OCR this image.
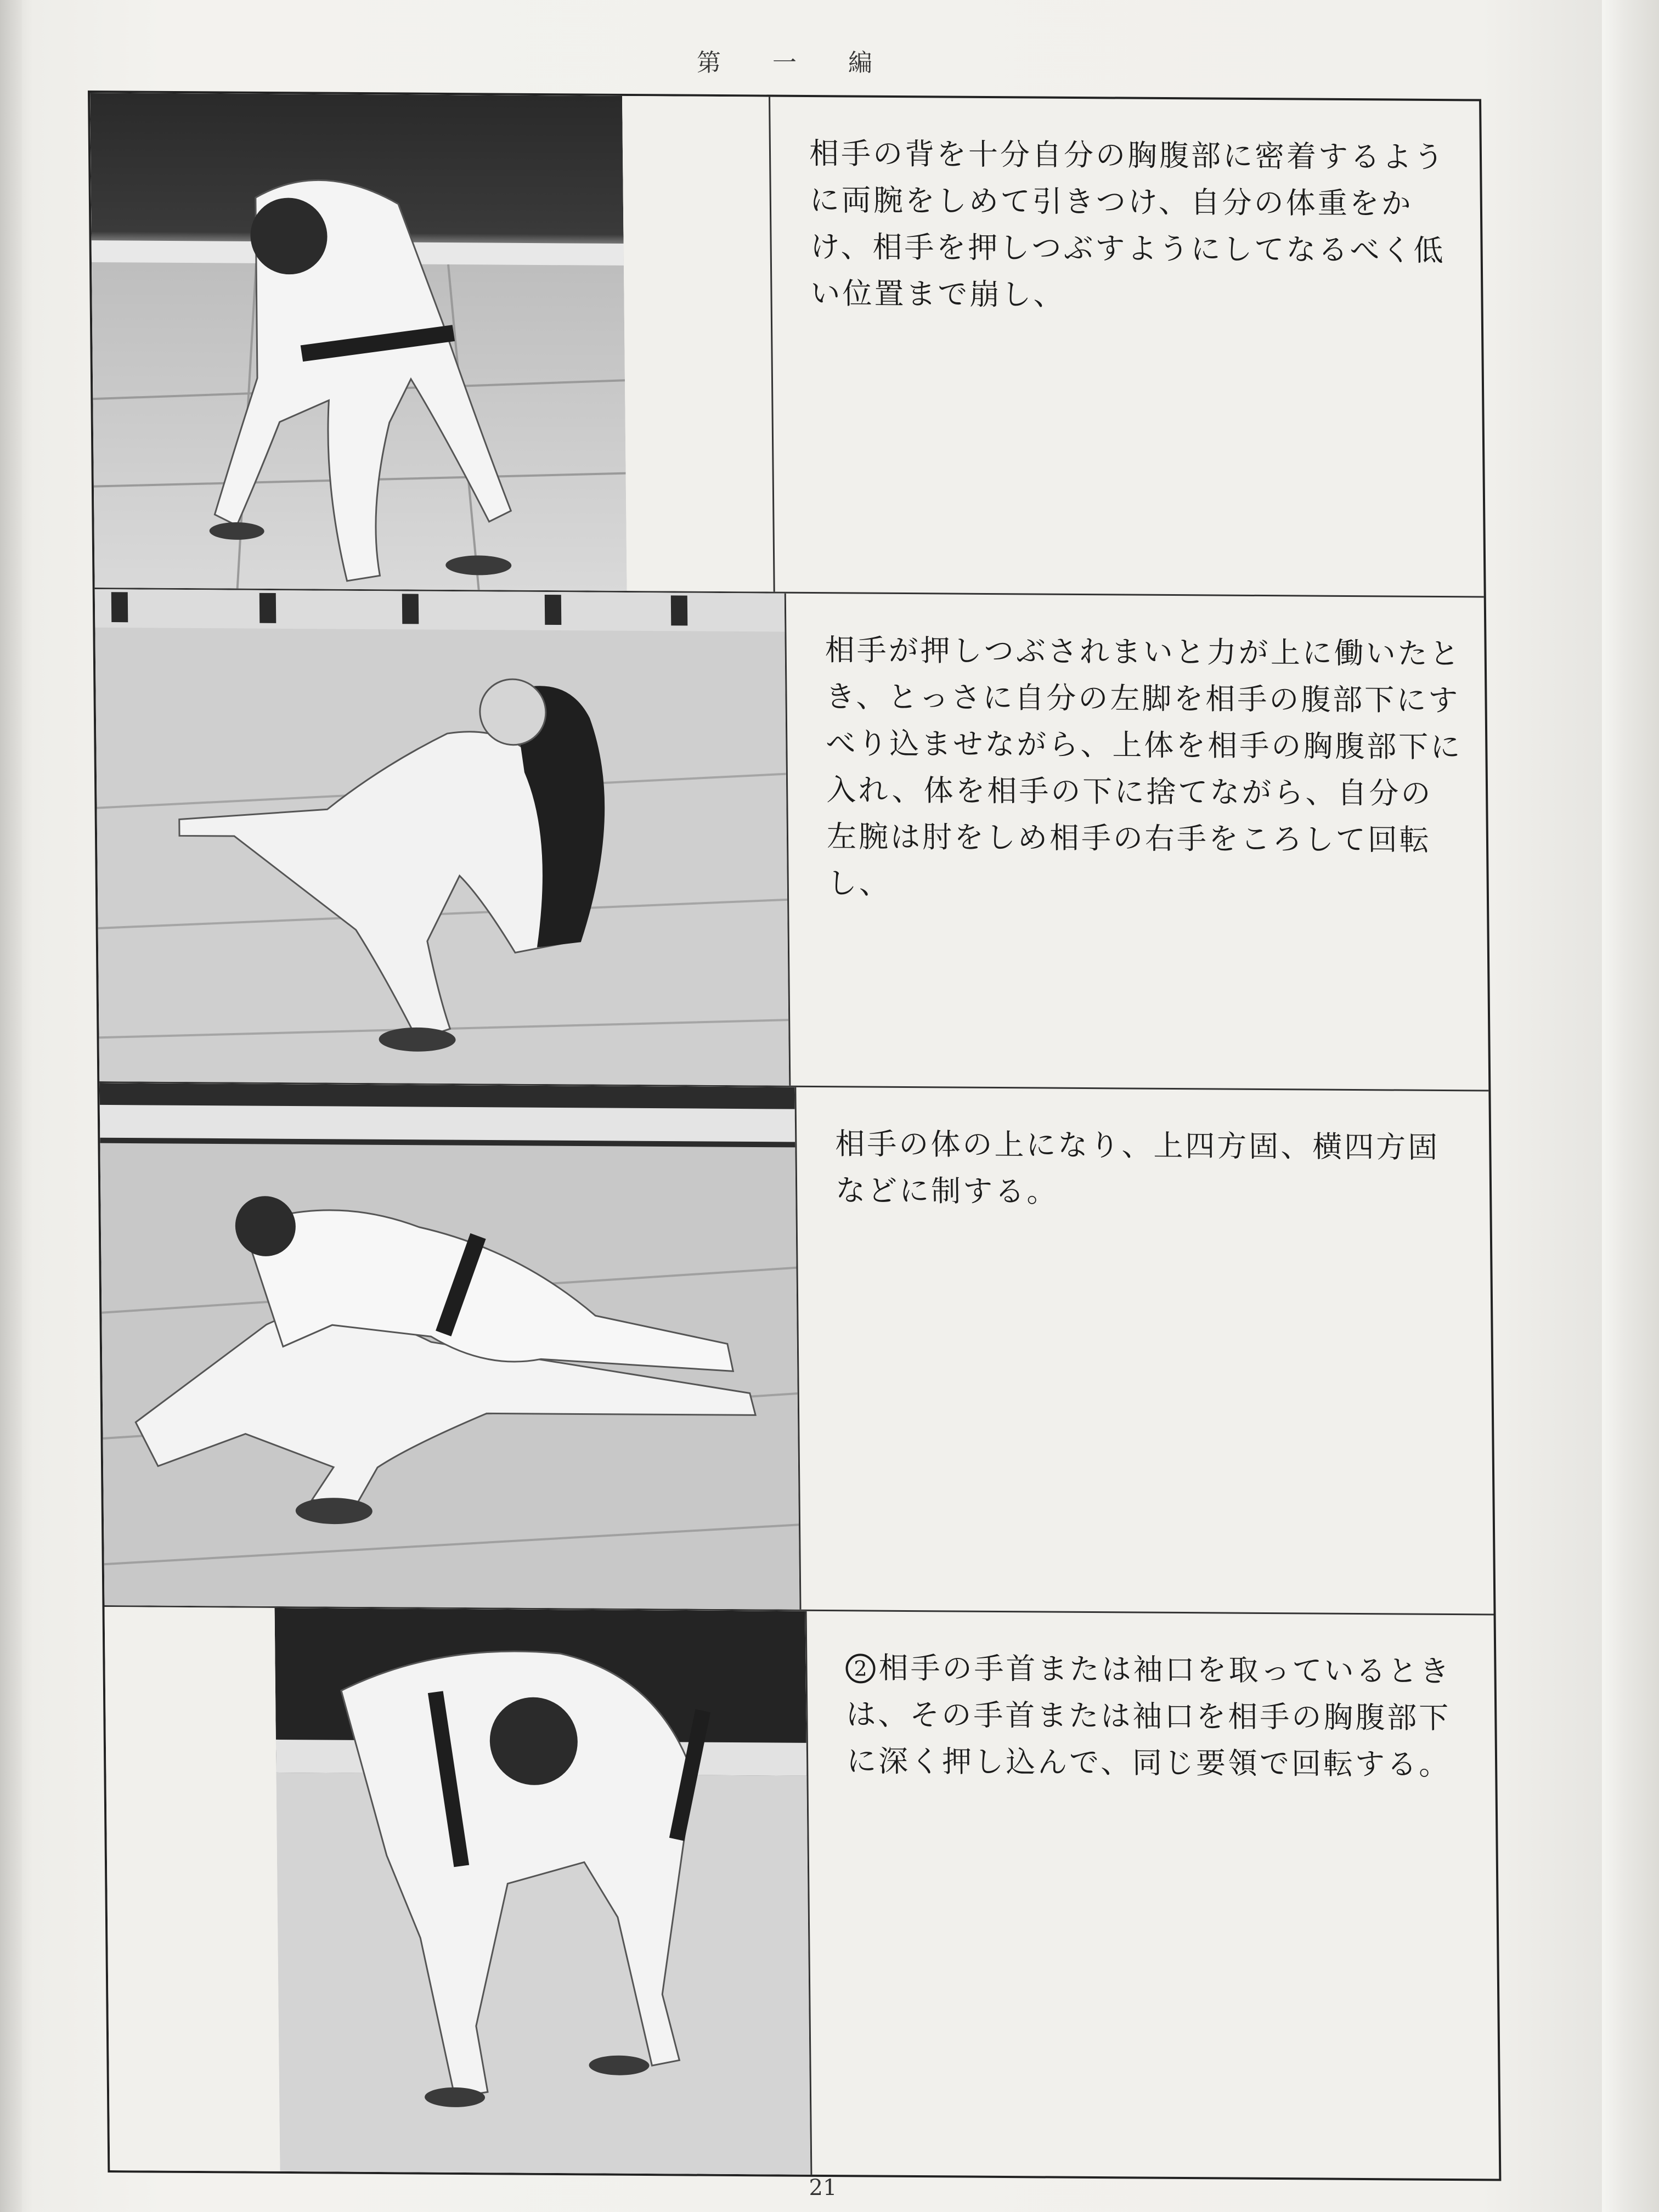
第 一 編
相手の背を十分自分の胸腹部に密着するように両腕をしめて引きつけ、自分の体重をかけ、相手を押しつぶすようにしてなるべく低い位置まで崩し、
相手が押しつぶされまいと力が上に働いたとき、とっさに自分の左脚を相手の腹部下にすべり込ませながら、上体を相手の胸腹部下に入れ、体を相手の下に捨てながら、自分の左腕は肘をしめ相手の右手をころして回転し、
相手の体の上になり、上四方固、横四方固などに制する。
2 相手の手首または袖口を取っているときは、その手首または袖口を相手の胸腹部下に深く押し込んで、同じ要領で回転する。
21
